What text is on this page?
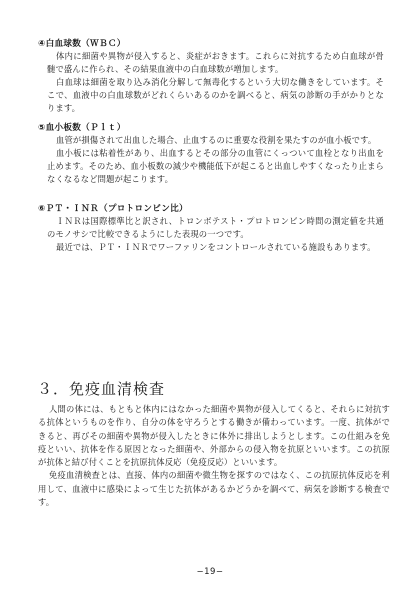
④白血球数（ＷＢＣ）

体内に細菌や異物が侵入すると、炎症がおきます。これらに対抗するため白血球が骨髄で盛んに作られ、その結果血液中の白血球数が増加します。

白血球は細菌を取り込み消化分解して無毒化するという大切な働きをしています。そこで、血液中の白血球数がどれくらいあるのかを調べると、病気の診断の手がかりとなります。

⑤血小板数（Ｐｌｔ）

血管が損傷されて出血した場合、止血するのに重要な役割を果たすのが血小板です。

血小板には粘着性があり、出血するとその部分の血管にくっついて血栓となり出血を止めます。そのため、血小板数の減少や機能低下が起こると出血しやすくなったり止まらなくなるなど問題が起こります。

⑥ＰＴ・ＩＮＲ（プロトロンビン比）

ＩＮＲは国際標準比と訳され、トロンボテスト・プロトロンビン時間の測定値を共通のモノサシで比較できるようにした表現の一つです。

最近では、ＰＴ・ＩＮＲでワーファリンをコントロールされている施設もあります。

３．免疫血清検査

人間の体には、もともと体内にはなかった細菌や異物が侵入してくると、それらに対抗する抗体というものを作り、自分の体を守ろうとする働きが備わっています。一度、抗体ができると、再びその細菌や異物が侵入したときに体外に排出しようとします。この仕組みを免疫といい、抗体を作る原因となった細菌や、外部からの侵入物を抗原といいます。この抗原が抗体と結び付くことを抗原抗体反応（免疫反応）といいます。

免疫血清検査とは、直接、体内の細菌や微生物を探すのではなく、この抗原抗体反応を利用して、血液中に感染によって生じた抗体があるかどうかを調べて、病気を診断する検査です。

−19−
